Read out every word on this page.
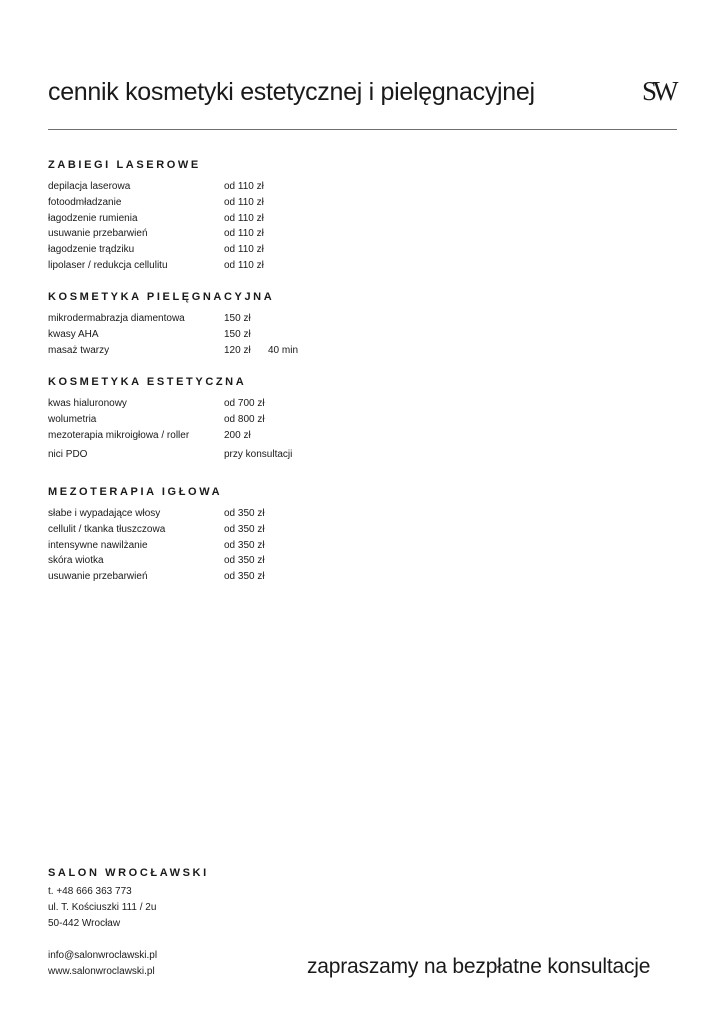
cennik kosmetyki estetycznej i pielęgnacyjnej	SW
ZABIEGI LASEROWE
depilacja laserowa	od 110 zł
fotoodmładzanie	od 110 zł
łagodzenie rumienia	od 110 zł
usuwanie przebarwień	od 110 zł
łagodzenie trądziku	od 110 zł
lipolaser / redukcja cellulitu	od 110 zł
KOSMETYKA PIELĘGNACYJNA
mikrodermabrazja diamentowa	150 zł
kwasy AHA	150 zł
masaż twarzy	120 zł 40 min
KOSMETYKA ESTETYCZNA
kwas hialuronowy	od 700 zł
wolumetria	od 800 zł
mezoterapia mikroigłowa / roller	200 zł
nici PDO	przy konsultacji
MEZOTERAPIA IGŁOWA
słabe i wypadające włosy	od 350 zł
cellulit / tkanka tłuszczowa	od 350 zł
intensywne nawilżanie	od 350 zł
skóra wiotka	od 350 zł
usuwanie przebarwień	od 350 zł
SALON WROCŁAWSKI
t. +48 666 363 773
ul. T. Kościuszki 111 / 2u
50-442 Wrocław
info@salonwroclawski.pl
www.salonwroclawski.pl	zapraszamy na bezpłatne konsultacje
